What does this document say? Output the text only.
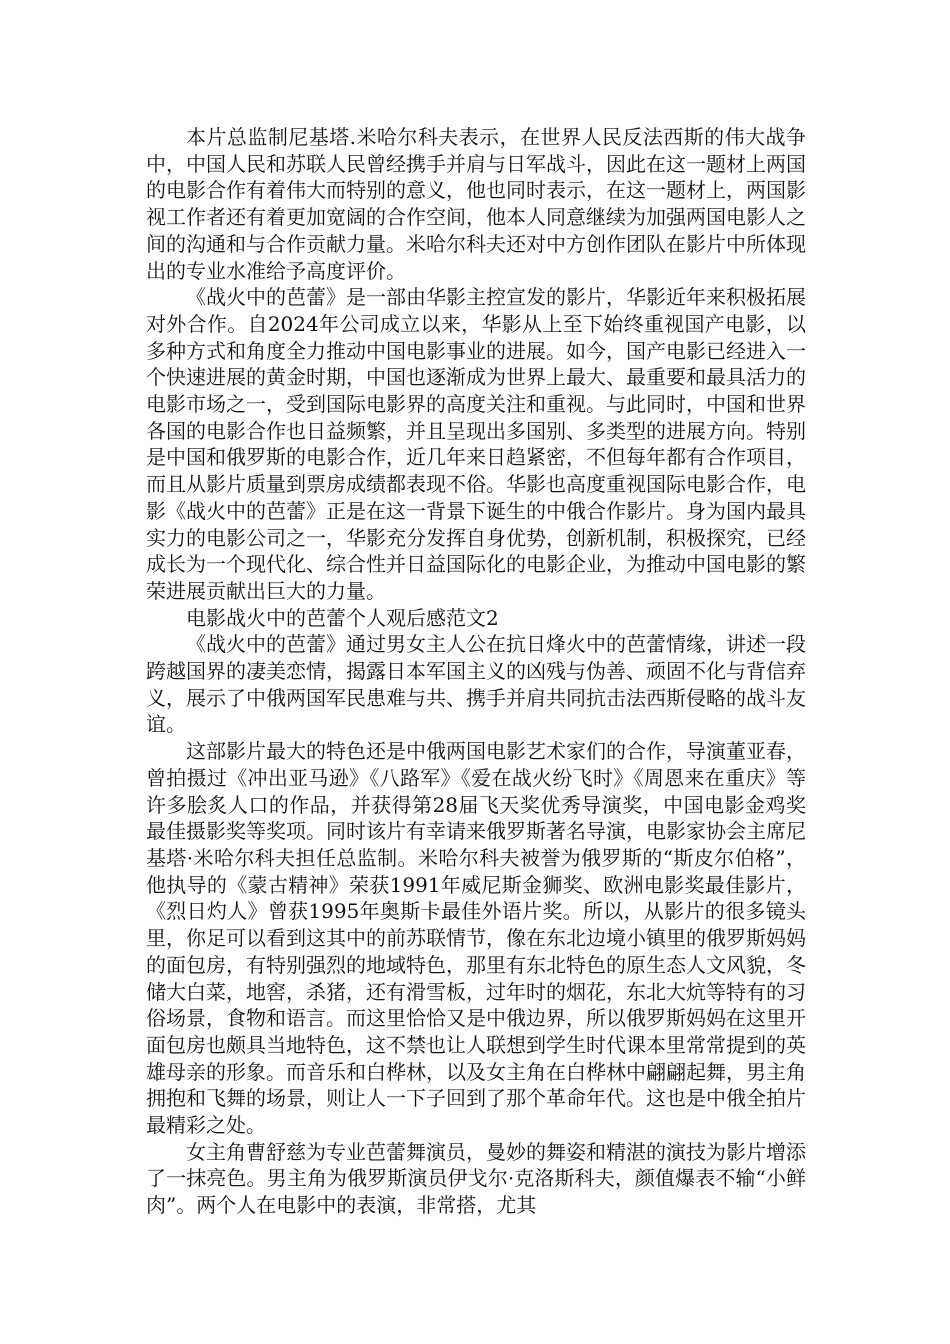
本片总监制尼基塔.米哈尔科夫表示，在世界人民反法西斯的伟大战争中，中国人民和苏联人民曾经携手并肩与日军战斗，因此在这一题材上两国的电影合作有着伟大而特别的意义，他也同时表示，在这一题材上，两国影视工作者还有着更加宽阔的合作空间，他本人同意继续为加强两国电影人之间的沟通和与合作贡献力量。米哈尔科夫还对中方创作团队在影片中所体现出的专业水准给予高度评价。

《战火中的芭蕾》是一部由华影主控宣发的影片，华影近年来积极拓展对外合作。自2024年公司成立以来，华影从上至下始终重视国产电影，以多种方式和角度全力推动中国电影事业的进展。如今，国产电影已经进入一个快速进展的黄金时期，中国也逐渐成为世界上最大、最重要和最具活力的电影市场之一，受到国际电影界的高度关注和重视。与此同时，中国和世界各国的电影合作也日益频繁，并且呈现出多国别、多类型的进展方向。特别是中国和俄罗斯的电影合作，近几年来日趋紧密，不但每年都有合作项目，而且从影片质量到票房成绩都表现不俗。华影也高度重视国际电影合作，电影《战火中的芭蕾》正是在这一背景下诞生的中俄合作影片。身为国内最具实力的电影公司之一，华影充分发挥自身优势，创新机制，积极探究，已经成长为一个现代化、综合性并日益国际化的电影企业，为推动中国电影的繁荣进展贡献出巨大的力量。

电影战火中的芭蕾个人观后感范文2

《战火中的芭蕾》通过男女主人公在抗日烽火中的芭蕾情缘，讲述一段跨越国界的凄美恋情，揭露日本军国主义的凶残与伪善、顽固不化与背信弃义，展示了中俄两国军民患难与共、携手并肩共同抗击法西斯侵略的战斗友谊。

这部影片最大的特色还是中俄两国电影艺术家们的合作，导演董亚春，曾拍摄过《冲出亚马逊》《八路军》《爱在战火纷飞时》《周恩来在重庆》等许多脍炙人口的作品，并获得第28届飞天奖优秀导演奖，中国电影金鸡奖最佳摄影奖等奖项。同时该片有幸请来俄罗斯著名导演，电影家协会主席尼基塔·米哈尔科夫担任总监制。米哈尔科夫被誉为俄罗斯的“斯皮尔伯格”，他执导的《蒙古精神》荣获1991年威尼斯金狮奖、欧洲电影奖最佳影片，《烈日灼人》曾获1995年奥斯卡最佳外语片奖。所以，从影片的很多镜头里，你足可以看到这其中的前苏联情节，像在东北边境小镇里的俄罗斯妈妈的面包房，有特别强烈的地域特色，那里有东北特色的原生态人文风貌，冬储大白菜，地窖，杀猪，还有滑雪板，过年时的烟花，东北大炕等特有的习俗场景，食物和语言。而这里恰恰又是中俄边界，所以俄罗斯妈妈在这里开面包房也颇具当地特色，这不禁也让人联想到学生时代课本里常常提到的英雄母亲的形象。而音乐和白桦林，以及女主角在白桦林中翩翩起舞，男主角拥抱和飞舞的场景，则让人一下子回到了那个革命年代。这也是中俄全拍片最精彩之处。

女主角曹舒慈为专业芭蕾舞演员，曼妙的舞姿和精湛的演技为影片增添了一抹亮色。男主角为俄罗斯演员伊戈尔·克洛斯科夫，颜值爆表不输“小鲜肉”。两个人在电影中的表演，非常搭，尤其
